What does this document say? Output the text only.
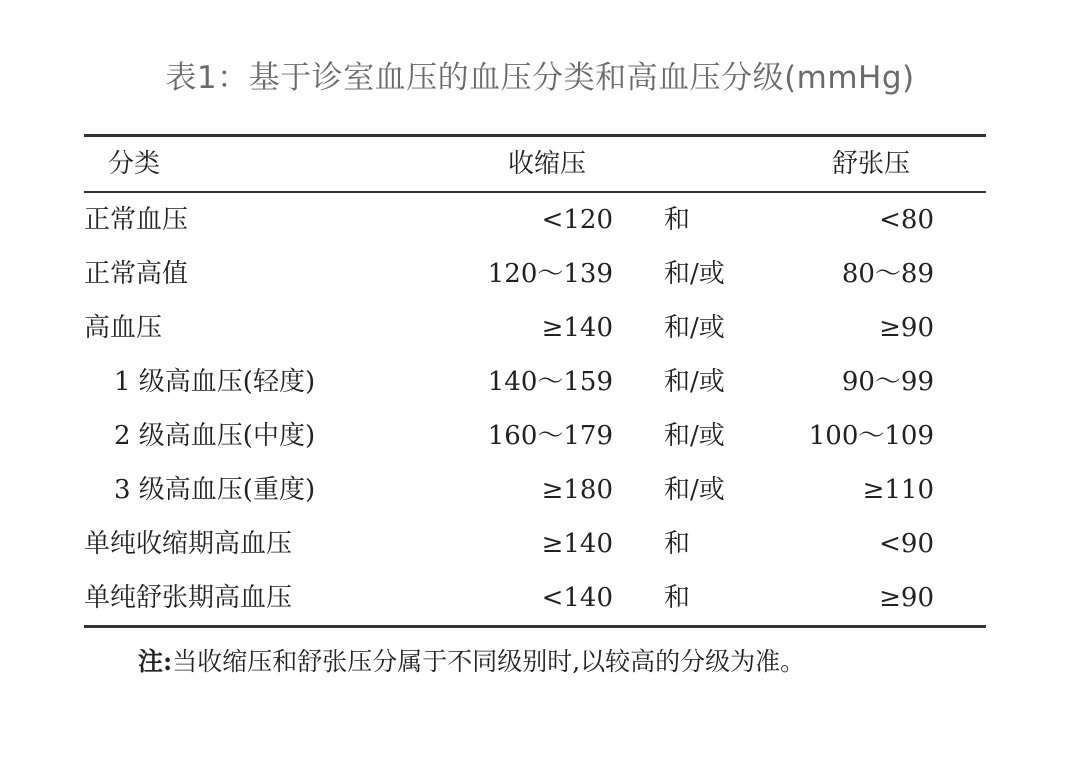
表1：基于诊室血压的血压分类和高血压分级(mmHg)
分类	收缩压	舒张压
正常血压	<120 和	<80
正常高值	120～139 和/或	80～89
高血压	≥140 和/或	≥90
1 级高血压(轻度)	140～159 和/或	90～99
2 级高血压(中度)	160～179 和/或	100～109
3 级高血压(重度)	≥180 和/或	≥110
单纯收缩期高血压	≥140 和	<90
单纯舒张期高血压	<140 和	≥90
注:当收缩压和舒张压分属于不同级别时,以较高的分级为准。
